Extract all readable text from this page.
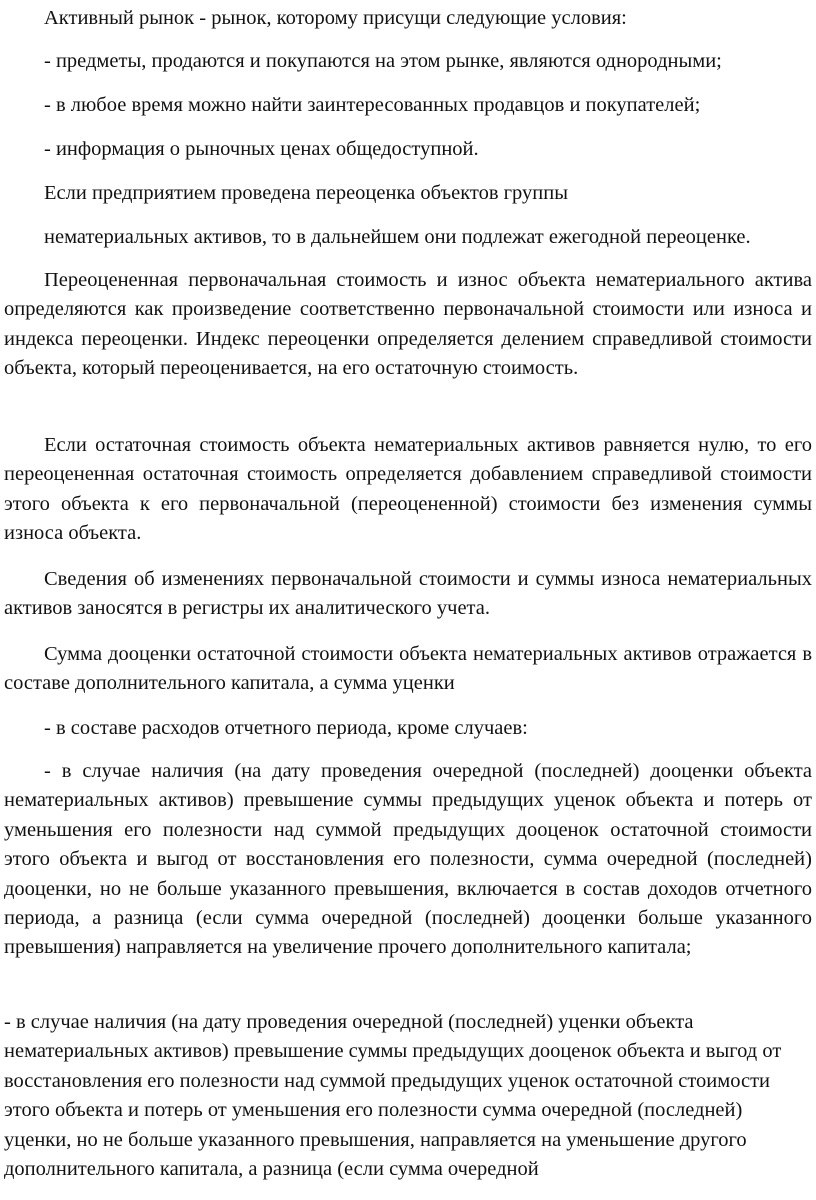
Активный рынок - рынок, которому присущи следующие условия:

- предметы, продаются и покупаются на этом рынке, являются однородными;

- в любое время можно найти заинтересованных продавцов и покупателей;

- информация о рыночных ценах общедоступной.

Если предприятием проведена переоценка объектов группы

нематериальных активов, то в дальнейшем они подлежат ежегодной переоценке.

Переоцененная первоначальная стоимость и износ объекта нематериального актива определяются как произведение соответственно первоначальной стоимости или износа и индекса переоценки. Индекс переоценки определяется делением справедливой стоимости объекта, который переоценивается, на его остаточную стоимость.

Если остаточная стоимость объекта нематериальных активов равняется нулю, то его переоцененная остаточная стоимость определяется добавлением справедливой стоимости этого объекта к его первоначальной (переоцененной) стоимости без изменения суммы износа объекта.

Сведения об изменениях первоначальной стоимости и суммы износа нематериальных активов заносятся в регистры их аналитического учета.

Сумма дооценки остаточной стоимости объекта нематериальных активов отражается в составе дополнительного капитала, а сумма уценки

- в составе расходов отчетного периода, кроме случаев:

- в случае наличия (на дату проведения очередной (последней) дооценки объекта нематериальных активов) превышение суммы предыдущих уценок объекта и потерь от уменьшения его полезности над суммой предыдущих дооценок остаточной стоимости этого объекта и выгод от восстановления его полезности, сумма очередной (последней) дооценки, но не больше указанного превышения, включается в состав доходов отчетного периода, а разница (если сумма очередной (последней) дооценки больше указанного превышения) направляется на увеличение прочего дополнительного капитала;

- в случае наличия (на дату проведения очередной (последней) уценки объекта нематериальных активов) превышение суммы предыдущих дооценок объекта и выгод от восстановления его полезности над суммой предыдущих уценок остаточной стоимости этого объекта и потерь от уменьшения его полезности сумма очередной (последней) уценки, но не больше указанного превышения, направляется на уменьшение другого дополнительного капитала, а разница (если сумма очередной
